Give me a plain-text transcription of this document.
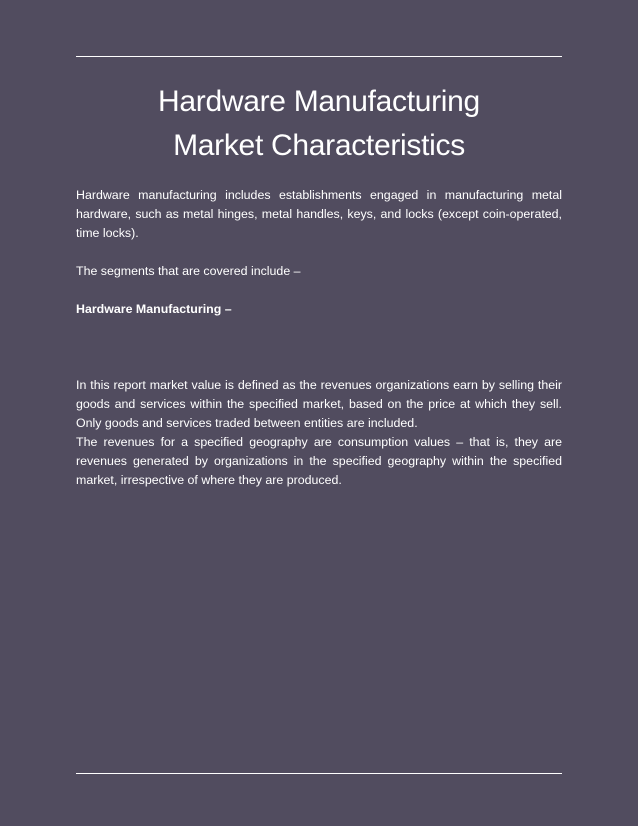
Hardware Manufacturing
Market Characteristics

Hardware manufacturing includes establishments engaged in manufacturing metal hardware, such as metal hinges, metal handles, keys, and locks (except coin-operated, time locks).

The segments that are covered include –

Hardware Manufacturing –

In this report market value is defined as the revenues organizations earn by selling their goods and services within the specified market, based on the price at which they sell. Only goods and services traded between entities are included.

The revenues for a specified geography are consumption values – that is, they are revenues generated by organizations in the specified geography within the specified market, irrespective of where they are produced.
